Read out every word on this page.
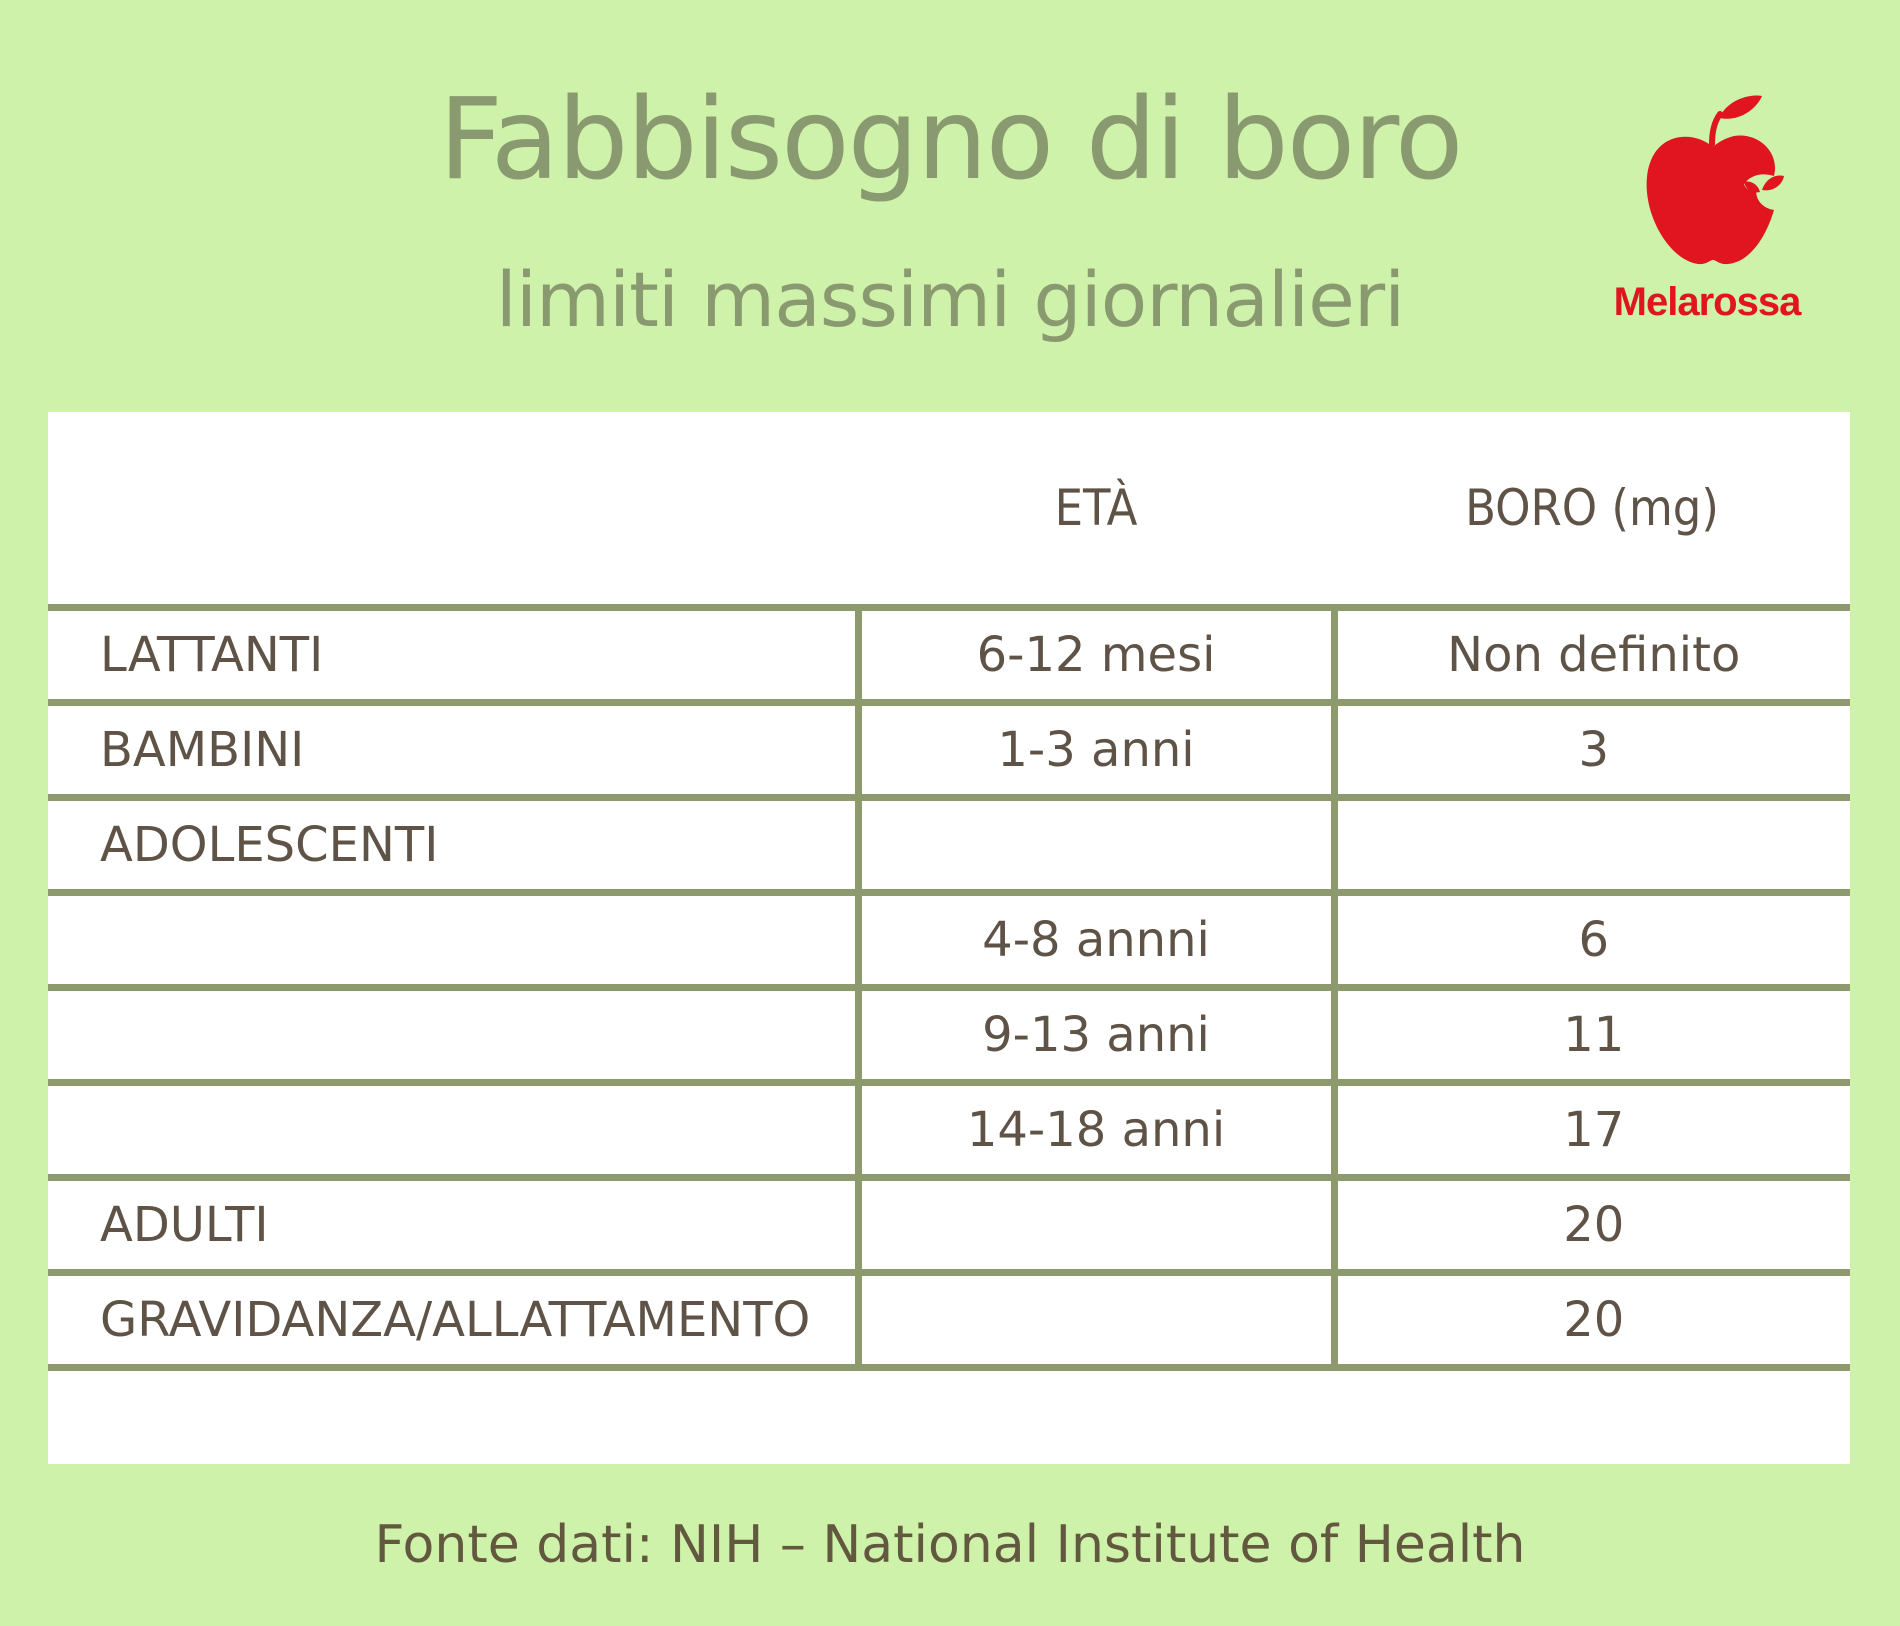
Fabbisogno di boro
limiti massimi giornalieri	Melarossa
	ETÀ	BORO (mg)
LATTANTI	6-12 mesi	Non definito
BAMBINI	1-3 anni	3
ADOLESCENTI		
	4-8 annni	6
	9-13 anni	11
	14-18 anni	17
ADULTI		20
GRAVIDANZA/ALLATTAMENTO		20
Fonte dati: NIH – National Institute of Health
